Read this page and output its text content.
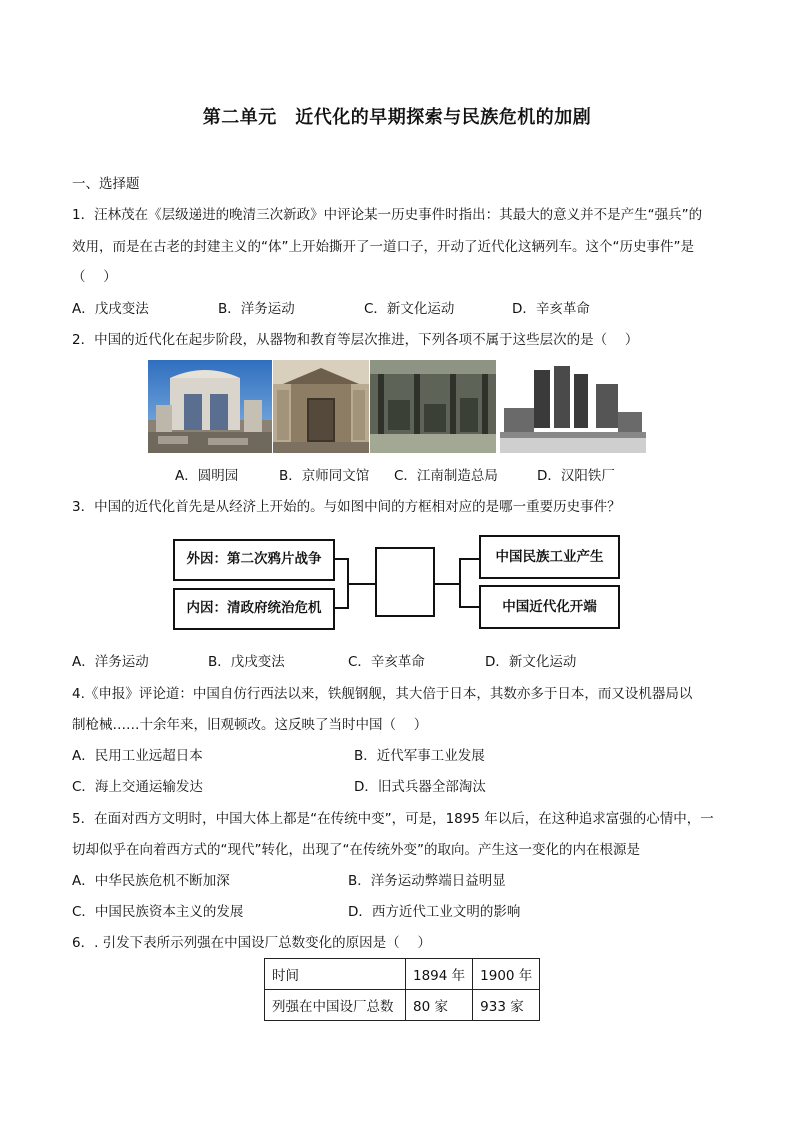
第二单元　近代化的早期探索与民族危机的加剧
一、选择题
1．汪林茂在《层级递进的晚清三次新政》中评论某一历史事件时指出：其最大的意义并不是产生“强兵”的
效用，而是在古老的封建主义的“体”上开始撕开了一道口子，开动了近代化这辆列车。这个“历史事件”是
（　 ）
A．戊戌变法	B．洋务运动	C．新文化运动	D．辛亥革命
2．中国的近代化在起步阶段，从器物和教育等层次推进，下列各项不属于这些层次的是（　 ）
A．圆明园	B．京师同文馆 C．江南制造总局	D．汉阳铁厂
3．中国的近代化首先是从经济上开始的。与如图中间的方框相对应的是哪一重要历史事件？
外因：第二次鸦片战争
内因：清政府统治危机
中国民族工业产生
中国近代化开端
A．洋务运动	B．戊戌变法	C．辛亥革命	D．新文化运动
4.《申报》评论道：中国自仿行西法以来，铁舰钢舰，其大倍于日本，其数亦多于日本，而又设机器局以
制枪械……十余年来，旧观顿改。这反映了当时中国（　 ）
A．民用工业远超日本	B．近代军事工业发展
C．海上交通运输发达	D．旧式兵器全部淘汰
5．在面对西方文明时，中国大体上都是“在传统中变”，可是，1895 年以后，在这种追求富强的心情中，一
切却似乎在向着西方式的“现代”转化，出现了“在传统外变”的取向。产生这一变化的内在根源是
A．中华民族危机不断加深	B．洋务运动弊端日益明显
C．中国民族资本主义的发展	D．西方近代工业文明的影响
6．. 引发下表所示列强在中国设厂总数变化的原因是（　 ）
时间	1894 年	1900 年
列强在中国设厂总数	80 家	933 家
